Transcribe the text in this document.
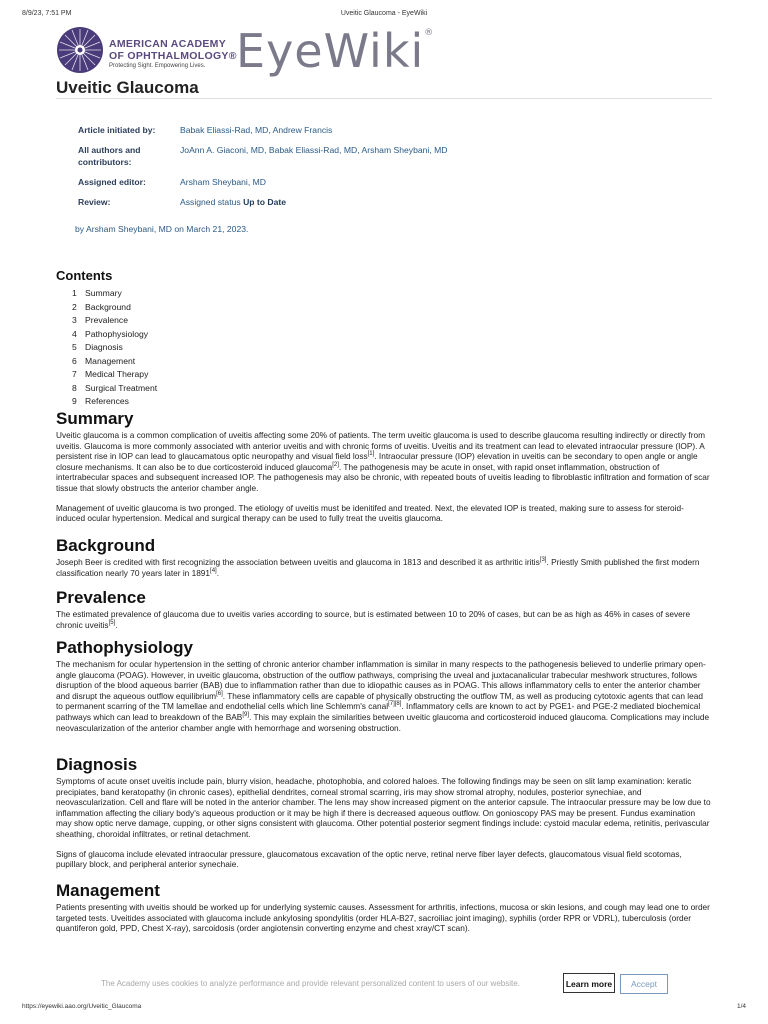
8/9/23, 7:51 PM	Uveitic Glaucoma - EyeWiki
AMERICAN ACADEMY
OF OPHTHALMOLOGY®
Protecting Sight. Empowering Lives. EyeWiki®
Uveitic Glaucoma
Article initiated by:	Babak Eliassi-Rad, MD, Andrew Francis
All authors and contributors:
JoAnn A. Giaconi, MD, Babak Eliassi-Rad, MD, Arsham Sheybani, MD
Assigned editor:	Arsham Sheybani, MD
Review:	Assigned status Up to Date
by Arsham Sheybani, MD on March 21, 2023.
Contents
1 Summary
2 Background
3 Prevalence
4 Pathophysiology
5 Diagnosis
6 Management
7 Medical Therapy
8 Surgical Treatment
9 References
Summary

Uveitic glaucoma is a common complication of uveitis affecting some 20% of patients. The term uveitic glaucoma is used to describe glaucoma resulting indirectly or directly from uveitis. Glaucoma is more commonly associated with anterior uveitis and with chronic forms of uveitis. Uveitis and its treatment can lead to elevated intraocular pressure (IOP). A persistent rise in IOP can lead to glaucamatous optic neuropathy and visual field loss[1]. Intraocular pressure (IOP) elevation in uveitis can be secondary to open angle or angle closure mechanisms. It can also be to due corticosteroid induced glaucoma[2]. The pathogenesis may be acute in onset, with rapid onset inflammation, obstruction of intertrabecular spaces and subsequent increased IOP. The pathogenesis may also be chronic, with repeated bouts of uveitis leading to fibroblastic infiltration and formation of scar tissue that slowly obstructs the anterior chamber angle.

Management of uveitic glaucoma is two pronged. The etiology of uveitis must be idenitifed and treated. Next, the elevated IOP is treated, making sure to assess for steroid-induced ocular hypertension. Medical and surgical therapy can be used to fully treat the uveitis glaucoma.

Background

Joseph Beer is credited with first recognizing the association between uveitis and glaucoma in 1813 and described it as arthritic iritis[3]. Priestly Smith published the first modern classification nearly 70 years later in 1891[4].

Prevalence

The estimated prevalence of glaucoma due to uveitis varies according to source, but is estimated between 10 to 20% of cases, but can be as high as 46% in cases of severe chronic uveitis[5].

Pathophysiology

The mechanism for ocular hypertension in the setting of chronic anterior chamber inflammation is similar in many respects to the pathogenesis believed to underlie primary open-angle glaucoma (POAG). However, in uveitic glaucoma, obstruction of the outflow pathways, comprising the uveal and juxtacanalicular trabecular meshwork structures, follows disruption of the blood aqueous barrier (BAB) due to inflammation rather than due to idiopathic causes as in POAG. This allows inflammatory cells to enter the anterior chamber and disrupt the aqueous outflow equilibrium[6]. These inflammatory cells are capable of physically obstructing the outflow TM, as well as producing cytotoxic agents that can lead to permanent scarring of the TM lamellae and endothelial cells which line Schlemm's canal[7][8]. Inflammatory cells are known to act by PGE1- and PGE-2 mediated biochemical pathways which can lead to breakdown of the BAB[9]. This may explain the similarities between uveitic glaucoma and corticosteroid induced glaucoma. Complications may include neovascularization of the anterior chamber angle with hemorrhage and worsening obstruction.

Diagnosis

Symptoms of acute onset uveitis include pain, blurry vision, headache, photophobia, and colored haloes. The following findings may be seen on slit lamp examination: keratic precipiates, band keratopathy (in chronic cases), epithelial dendrites, corneal stromal scarring, iris may show stromal atrophy, nodules, posterior synechiae, and neovascularization. Cell and flare will be noted in the anterior chamber. The lens may show increased pigment on the anterior capsule. The intraocular pressure may be low due to inflammation affecting the ciliary body's aqueous production or it may be high if there is decreased aqueous outflow. On gonioscopy PAS may be present. Fundus examination may show optic nerve damage, cupping, or other signs consistent with glaucoma. Other potential posterior segment findings include: cystoid macular edema, retinitis, perivascular sheathing, choroidal infiltrates, or retinal detachment.

Signs of glaucoma include elevated intraocular pressure, glaucomatous excavation of the optic nerve, retinal nerve fiber layer defects, glaucomatous visual field scotomas, pupillary block, and peripheral anterior synechaie.

Management

Patients presenting with uveitis should be worked up for underlying systemic causes. Assessment for arthritis, infections, mucosa or skin lesions, and cough may lead one to order targeted tests. Uveitides associated with glaucoma include ankylosing spondylitis (order HLA-B27, sacroiliac joint imaging), syphilis (order RPR or VDRL), tuberculosis (order quantiferon gold, PPD, Chest X-ray), sarcoidosis (order angiotensin converting enzyme and chest xray/CT scan).

The Academy uses cookies to analyze performance and provide relevant personalized content to users of our website.	Learn more	Accept
https://eyewiki.aao.org/Uveitic_Glaucoma	1/4
